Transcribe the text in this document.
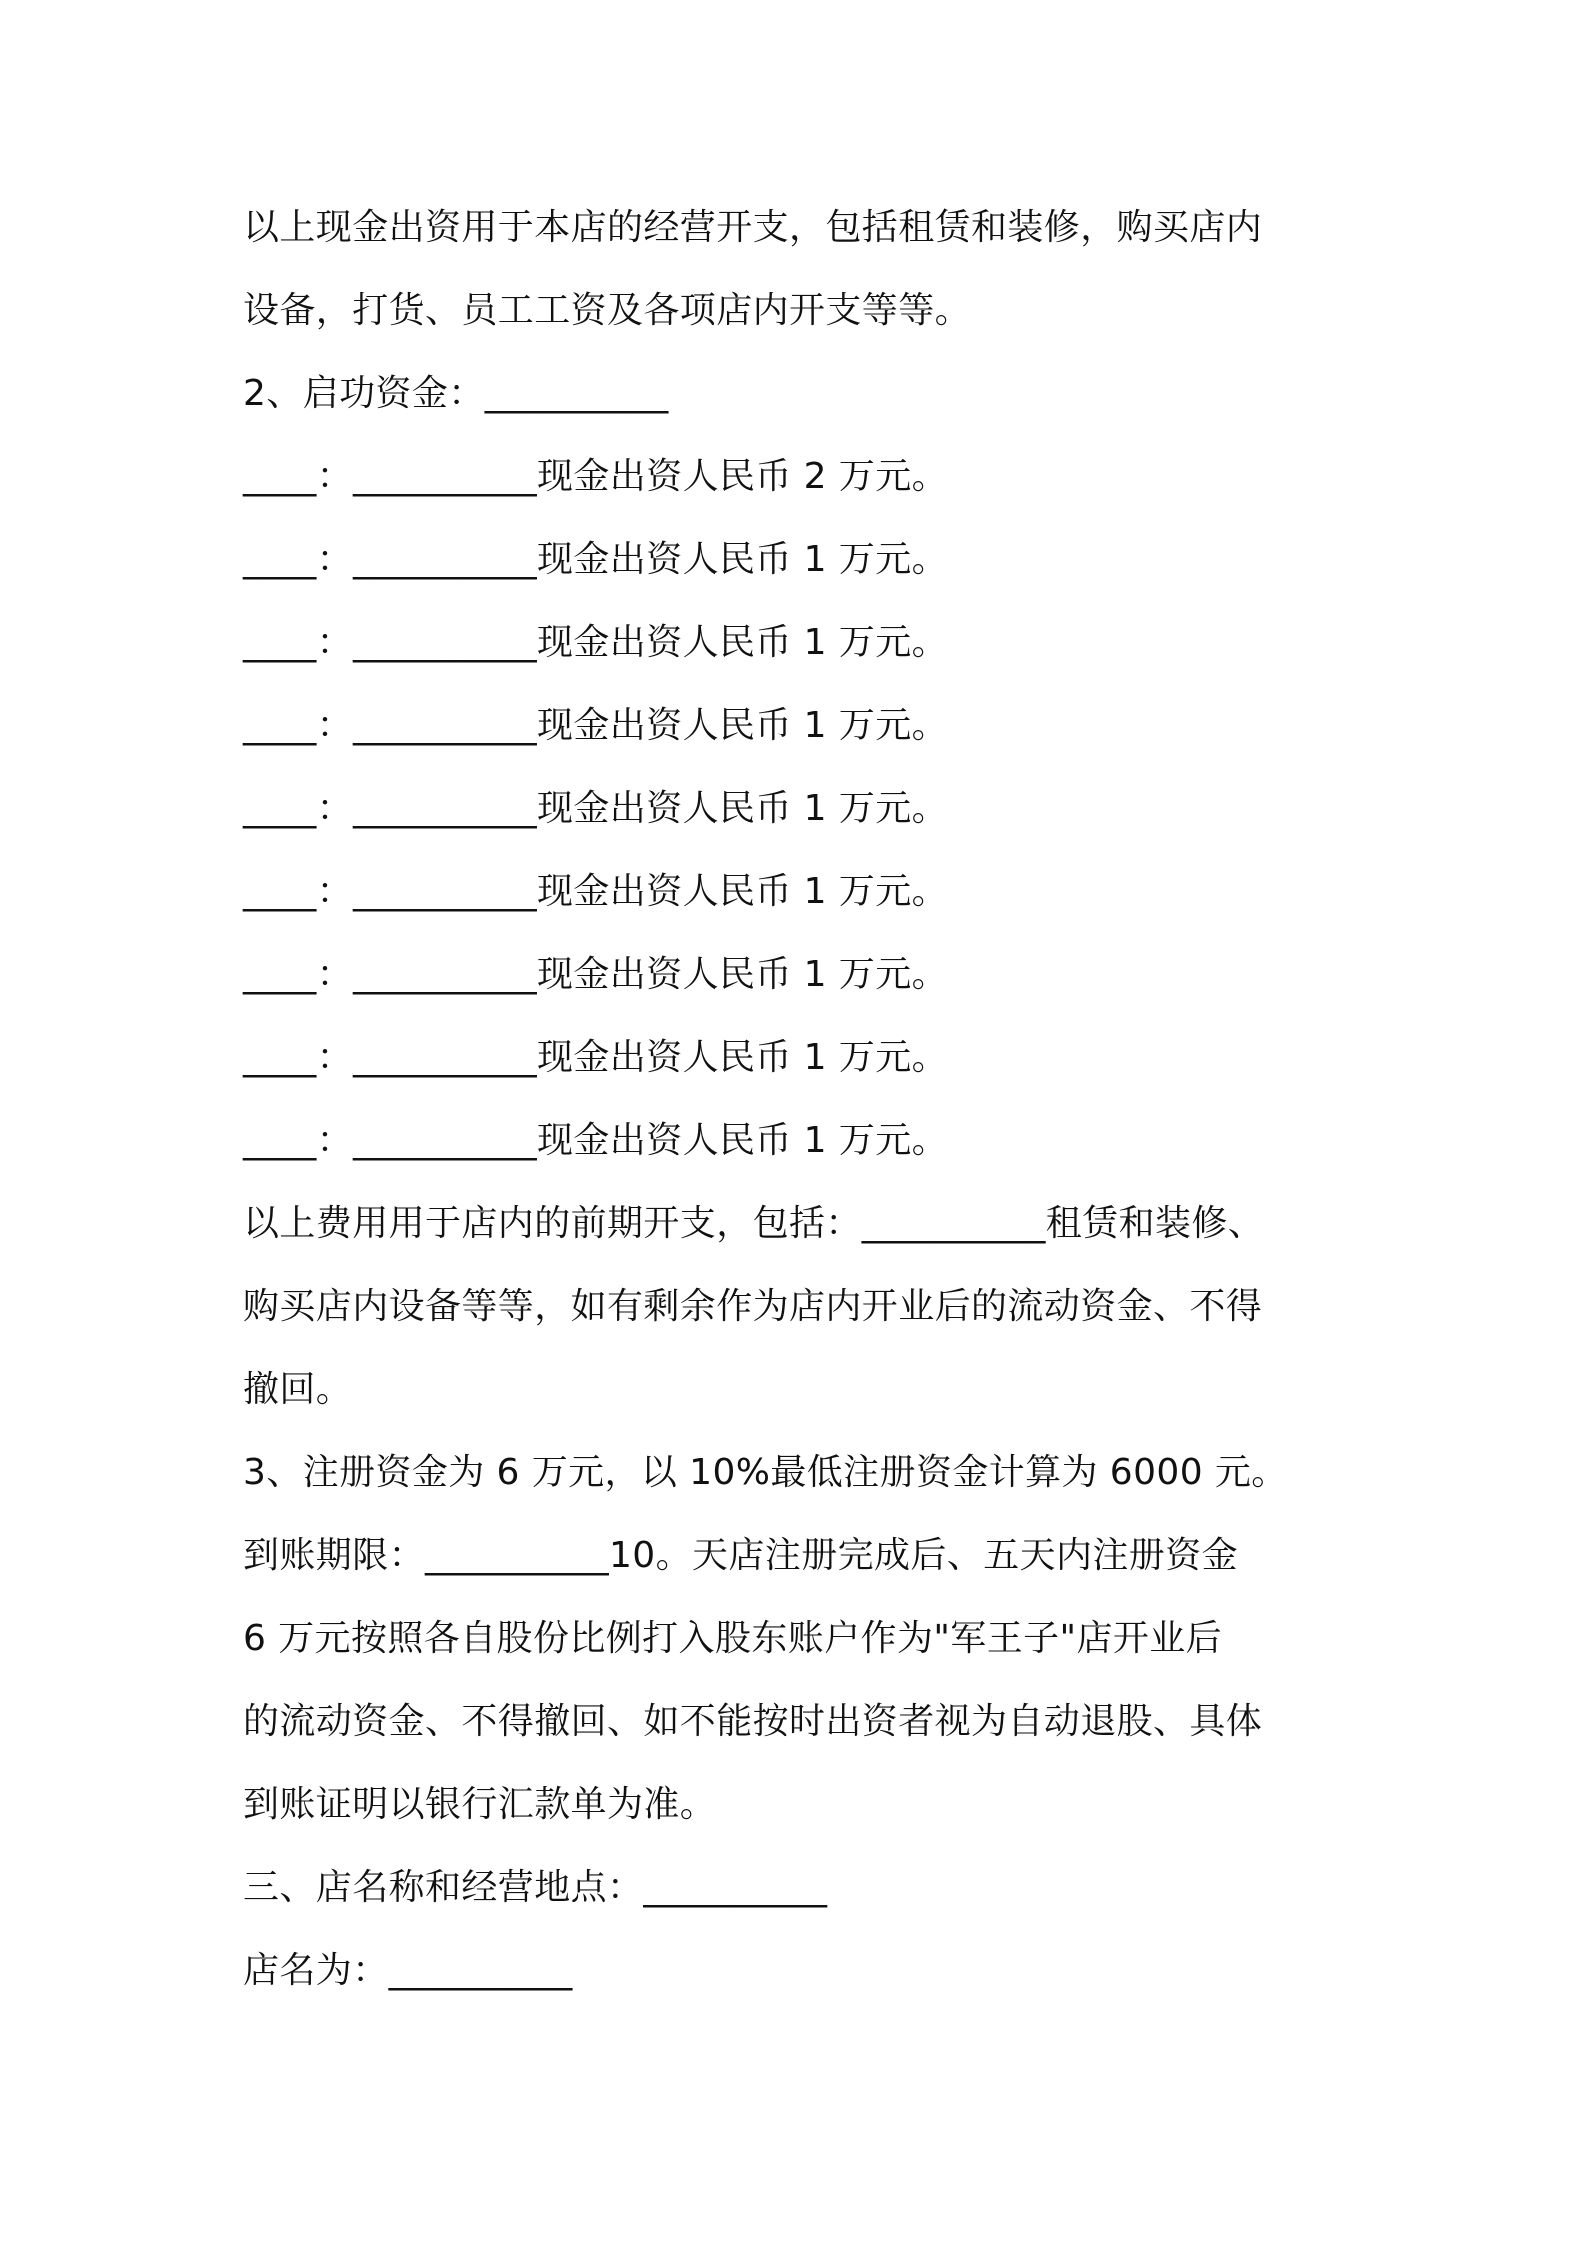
以上现金出资用于本店的经营开支，包括租赁和装修，购买店内
设备，打货、员工工资及各项店内开支等等。
2、启功资金：__________
____：__________现金出资人民币 2 万元。
____：__________现金出资人民币 1 万元。
____：__________现金出资人民币 1 万元。
____：__________现金出资人民币 1 万元。
____：__________现金出资人民币 1 万元。
____：__________现金出资人民币 1 万元。
____：__________现金出资人民币 1 万元。
____：__________现金出资人民币 1 万元。
____：__________现金出资人民币 1 万元。
以上费用用于店内的前期开支，包括：__________租赁和装修、
购买店内设备等等，如有剩余作为店内开业后的流动资金、不得
撤回。
3、注册资金为 6 万元，以 10%最低注册资金计算为 6000 元。
到账期限：__________10。天店注册完成后、五天内注册资金
6 万元按照各自股份比例打入股东账户作为"军王子"店开业后
的流动资金、不得撤回、如不能按时出资者视为自动退股、具体
到账证明以银行汇款单为准。
三、店名称和经营地点：__________
店名为：__________
